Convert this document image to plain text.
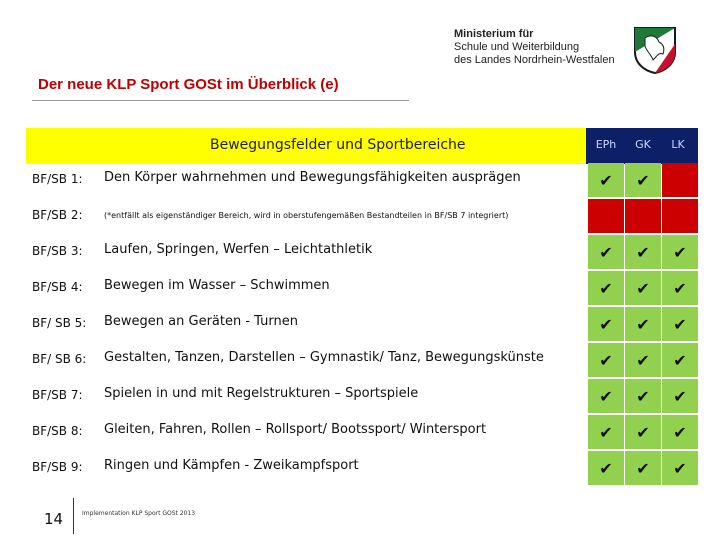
Ministerium für
Schule und Weiterbildung
des Landes Nordrhein-Westfalen
Der neue KLP Sport GOSt im Überblick (e)
Bewegungsfelder und Sportbereiche	EPh	GK	LK
BF/SB 1: Den Körper wahrnehmen und Bewegungsfähigkeiten ausprägen	✔	✔
BF/SB 2:	(*entfällt als eigenständiger Bereich, wird in oberstufengemäßen Bestandteilen in BF/SB 7 integriert)
BF/SB 3: Laufen, Springen, Werfen – Leichtathletik	✔	✔	✔
BF/SB 4: Bewegen im Wasser – Schwimmen	✔	✔	✔
BF/ SB 5: Bewegen an Geräten - Turnen	✔	✔	✔
BF/ SB 6: Gestalten, Tanzen, Darstellen – Gymnastik/ Tanz, Bewegungskünste	✔	✔	✔
BF/SB 7: Spielen in und mit Regelstrukturen – Sportspiele	✔	✔	✔
BF/SB 8: Gleiten, Fahren, Rollen – Rollsport/ Bootssport/ Wintersport	✔	✔	✔
BF/SB 9: Ringen und Kämpfen - Zweikampfsport	✔	✔	✔
14	Implementation KLP Sport GOSt 2013
